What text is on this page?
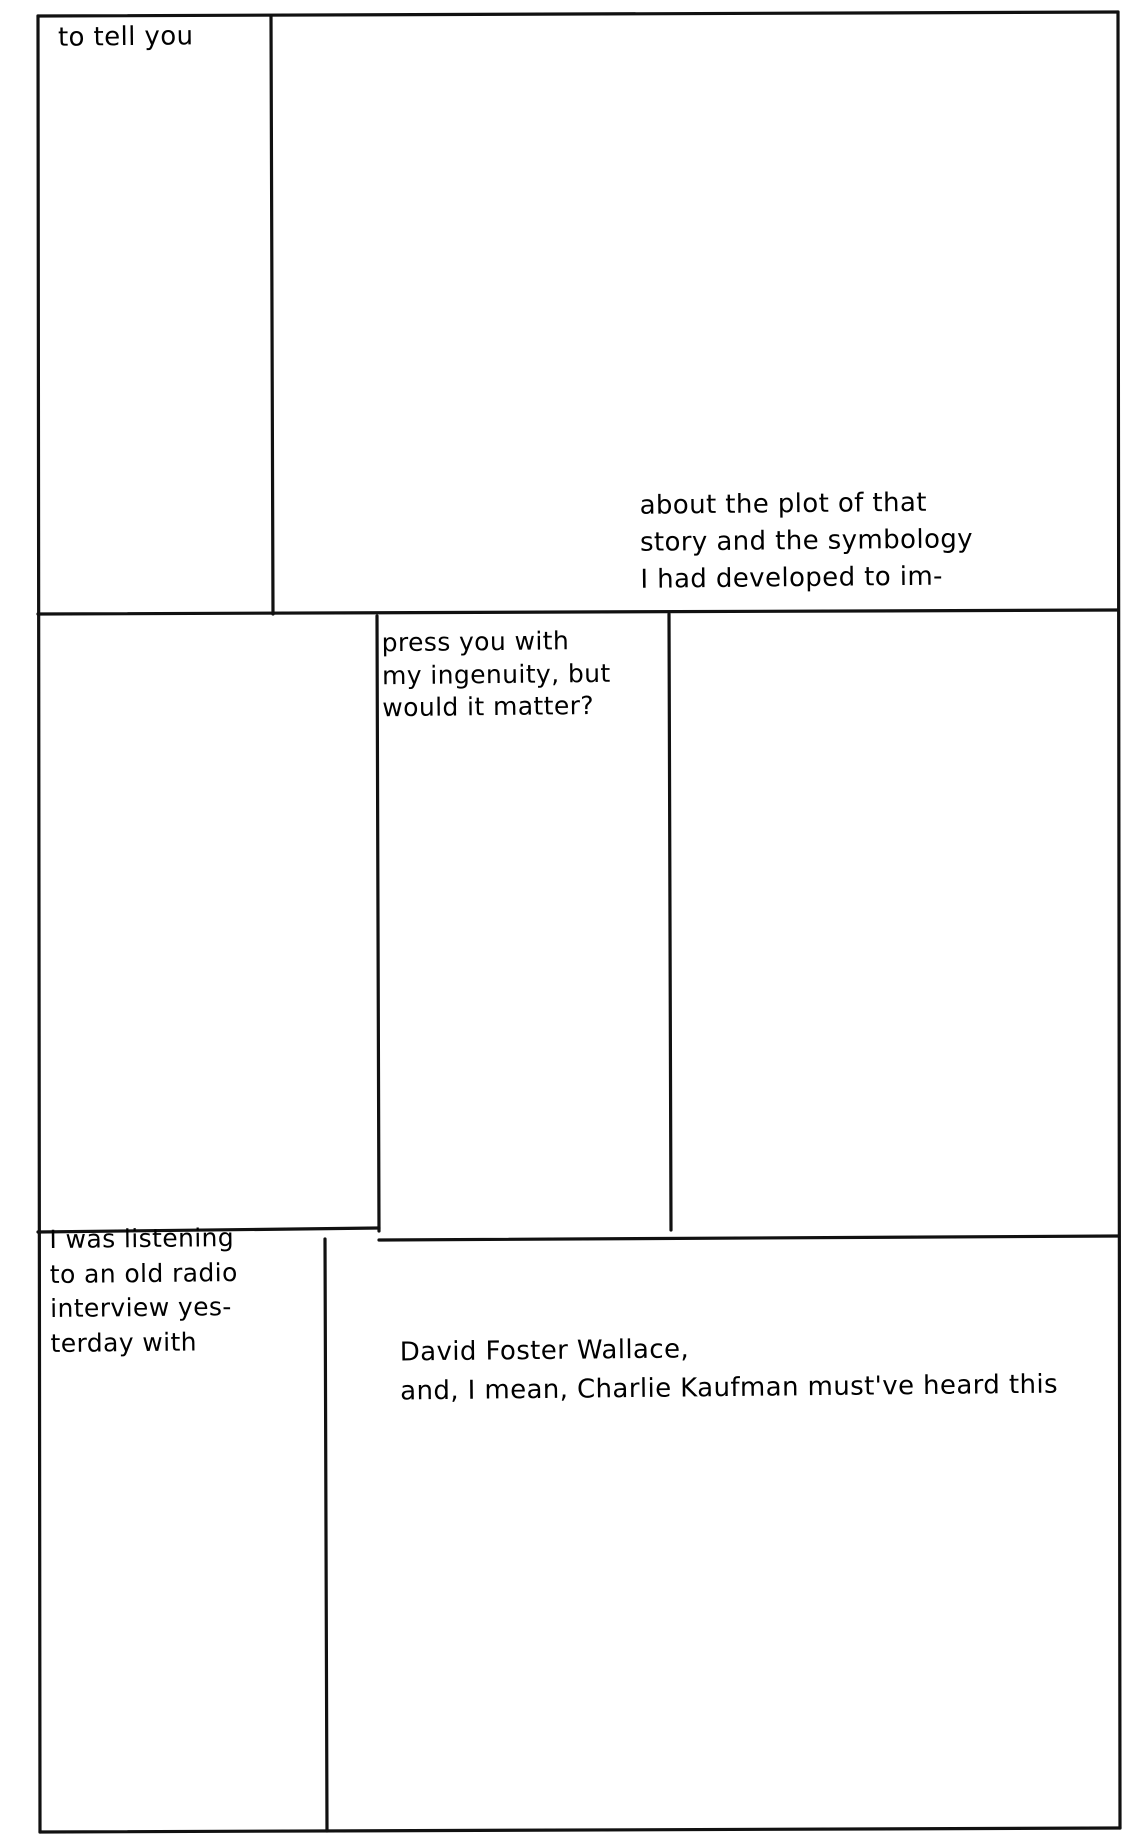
to tell you
about the plot of that
story and the symbology
I had developed to im-
press you with
my ingenuity, but
would it matter?
I was listening
to an old radio
interview yes-
terday with	David Foster Wallace,
and, I mean, Charlie Kaufman must've heard this
